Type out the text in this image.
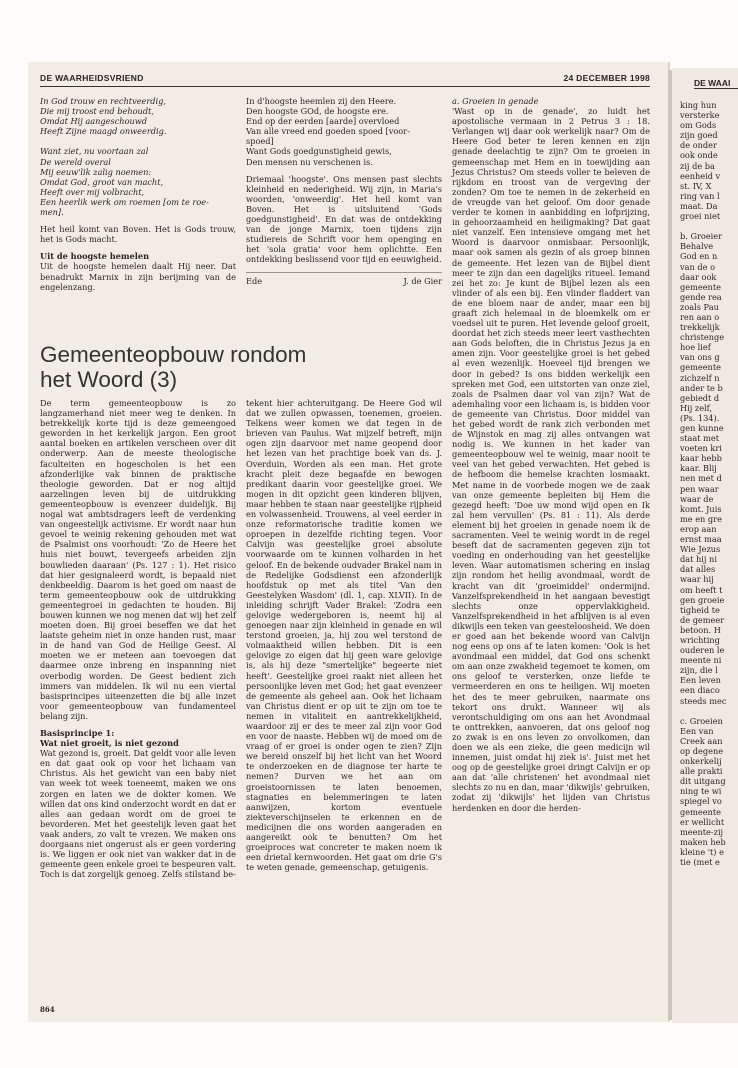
DE WAARHEIDSVRIEND	24 DECEMBER 1998
In God trouw en rechtveerdig,
Die mij troost end behoudt,
Omdat Hij aangeschouwd
Heeft Zijne maagd onweerdig.

Want ziet, nu voortaan zal
De wereld overal
Mij eeuw'lik zalig noemen:
Omdat God, groot van macht,
Heeft over mij volbracht,
Een heerlik werk om roemen [om te roe-
men].

Het heil komt van Boven. Het is Gods trouw, het is Gods macht.

Uit de hoogste hemelen

Uit de hoogste hemelen daalt Hij neer. Dat benadrukt Marnix in zijn berijming van de engelenzang.

In d'hoogste heemlen zij den Heere.
Den hoogste GOd, de hoogste ere.
End op der eerden [aarde] overvloed
Van alle vreed end goeden spoed [voor-
spoed]
Want Gods goedgunstigheid gewis,
Den mensen nu verschenen is.

Driemaal 'hoogste'. Ons mensen past slechts kleinheid en nederigheid. Wij zijn, in Maria's woorden, 'onweerdig'. Het heil komt van Boven. Het is uitsluitend 'Gods goedgunstigheid'. En dat was de ontdekking van de jonge Marnix, toen tijdens zijn studiereis de Schrift voor hem openging en het 'sola gratia' voor hem oplichtte. Een ontdekking beslissend voor tijd en eeuwigheid.

Ede	J. de Gier
Gemeenteopbouw rondom het Woord (3)

De term gemeenteopbouw is zo langzamerhand niet meer weg te denken. In betrekkelijk korte tijd is deze gemeengoed geworden in het kerkelijk jargon. Een groot aantal boeken en artikelen verscheen over dit onderwerp. Aan de meeste theologische faculteiten en hogescholen is het een afzonderlijke vak binnen de praktische theologie geworden. Dat er nog altijd aarzelingen leven bij de uitdrukking gemeenteopbouw is evenzeer duidelijk. Bij nogal wat ambtsdragers leeft de verdenking van ongeestelijk activisme. Er wordt naar hun gevoel te weinig rekening gehouden met wat de Psalmist ons voorhoudt: 'Zo de Heere het huis niet bouwt, tevergeefs arbeiden zijn bouwlieden daaraan' (Ps. 127 : 1). Het risico dat hier gesignaleerd wordt, is bepaald niet denkbeeldig. Daarom is het goed om naast de term gemeenteopbouw ook de uitdrukking gemeentegroei in gedachten te houden. Bij bouwen kunnen we nog menen dat wij het zelf moeten doen. Bij groei beseffen we dat het laatste geheim niet in onze handen rust, maar in de hand van God de Heilige Geest. Al moeten we er meteen aan toevoegen dat daarmee onze inbreng en inspanning niet overbodig worden. De Geest bedient zich immers van middelen. Ik wil nu een viertal basisprincipes uiteenzetten die bij alle inzet voor gemeenteopbouw van fundamenteel belang zijn.

Basisprincipe 1:
Wat niet groeit, is niet gezond

Wat gezond is, groeit. Dat geldt voor alle leven en dat gaat ook op voor het lichaam van Christus. Als het gewicht van een baby niet van week tot week toeneemt, maken we ons zorgen en laten we de dokter komen. We willen dat ons kind onderzocht wordt en dat er alles aan gedaan wordt om de groei te bevorderen. Met het geestelijk leven gaat het vaak anders, zo valt te vrezen. We maken ons doorgaans niet ongerust als er geen vordering is. We liggen er ook niet van wakker dat in de gemeente geen enkele groei te bespeuren valt. Toch is dat zorgelijk genoeg. Zelfs stilstand be-

tekent hier achteruitgang. De Heere God wil dat we zullen opwassen, toenemen, groeien. Telkens weer komen we dat tegen in de brieven van Paulus. Wat mijzelf betreft, mijn ogen zijn daarvoor met name geopend door het lezen van het prachtige boek van ds. J. Overduin, Worden als een man. Het grote kracht pleit deze begaafde en bewogen predikant daarin voor geestelijke groei. We mogen in dit opzicht geen kinderen blijven, maar hebben te staan naar geestelijke rijpheid en volwassenheid. Trouwens, al veel eerder in onze reformatorische traditie komen we oproepen in dezelfde richting tegen. Voor Calvijn was geestelijke groei absolute voorwaarde om te kunnen volharden in het geloof. En de bekende oudvader Brakel nam in de Redelijke Godsdienst een afzonderlijk hoofdstuk op met als titel 'Van den Geestelyken Wasdom' (dl. 1, cap. XLVII). In de inleiding schrijft Vader Brakel: 'Zodra een gelovige wedergeboren is, neemt hij al genoegen naar zijn kleinheid in genade en wil terstond groeien, ja, hij zou wel terstond de volmaaktheid willen hebben. Dit is een gelovige zo eigen dat hij geen ware gelovige is, als hij deze "smertelijke" begeerte niet heeft'. Geestelijke groei raakt niet alleen het persoonlijke leven met God; het gaat evenzeer de gemeente als geheel aan. Ook het lichaam van Christus dient er op uit te zijn om toe te nemen in vitaliteit en aantrekkelijkheid, waardoor zij er des te meer zal zijn voor God en voor de naaste. Hebben wij de moed om de vraag of er groei is onder ogen te zien? Zijn we bereid onszelf bij het licht van het Woord te onderzoeken en de diagnose ter harte te nemen? Durven we het aan om groeistoornissen te laten benoemen, stagnaties en belemmeringen te laten aanwijzen, kortom eventuele ziekteverschijnselen te erkennen en de medicijnen die ons worden aangeraden en aangereikt ook te benutten? Om het groeiproces wat concreter te maken noem ik een drietal kernwoorden. Het gaat om drie G's te weten genade, gemeenschap, getuigenis.

a. Groeien in genade

'Wast op in de genade', zo luidt het apostolische vermaan in 2 Petrus 3 : 18. Verlangen wij daar ook werkelijk naar? Om de Heere God beter te leren kennen en zijn genade deelachtig te zijn? Om te groeien in gemeenschap met Hem en in toewijding aan Jezus Christus? Om steeds voller te beleven de rijkdom en troost van de vergeving der zonden? Om toe te nemen in de zekerheid en de vreugde van het geloof. Om door genade verder te komen in aanbidding en lofprijzing, in gehoorzaamheid en heiligmaking? Dat gaat niet vanzelf. Een intensieve omgang met het Woord is daarvoor onmisbaar. Persoonlijk, maar ook samen als gezin of als groep binnen de gemeente. Het lezen van de Bijbel dient meer te zijn dan een dagelijks ritueel. Iemand zei het zo: Je kunt de Bijbel lezen als een vlinder of als een bij. Een vlinder fladdert van de ene bloem naar de ander, maar een bij graaft zich helemaal in de bloemkelk om er voedsel uit te puren. Het levende geloof groeit, doordat het zich steeds meer leert vasthechten aan Gods beloften, die in Christus Jezus ja en amen zijn. Voor geestelijke groei is het gebed al even wezenlijk. Hoeveel tijd brengen we door in gebed? Is ons bidden werkelijk een spreken met God, een uitstorten van onze ziel, zoals de Psalmen daar vol van zijn? Wat de ademhaling voor een lichaam is, is bidden voor de gemeente van Christus. Door middel van het gebed wordt de rank zich verbonden met de Wijnstok en mag zij alles ontvangen wat nodig is. We kunnen in het kader van gemeenteopbouw wel te weinig, maar nooit te veel van het gebed verwachten. Het gebed is de hefboom die hemelse krachten losmaakt. Met name in de voorbede mogen we de zaak van onze gemeente bepleiten bij Hem die gezegd heeft: 'Doe uw mond wijd open en Ik zal hem vervullen' (Ps. 81 : 11). Als derde element bij het groeien in genade noem ik de sacramenten. Veel te weinig wordt in de regel beseft dat de sacramenten gegeven zijn tot voeding en onderhouding van het geestelijke leven. Waar automatismen schering en inslag zijn rondom het heilig avondmaal, wordt de kracht van dit 'groeimiddel' ondermijnd. Vanzelfsprekendheid in het aangaan bevestigt slechts onze oppervlakkigheid. Vanzelfsprekendheid in het afblijven is al even dikwijls een teken van geesteloosheid. We doen er goed aan het bekende woord van Calvijn nog eens op ons af te laten komen: 'Ook is het avondmaal een middel, dat God ons schenkt om aan onze zwakheid tegemoet te komen, om ons geloof te versterken, onze liefde te vermeerderen en ons te heiligen. Wij moeten het des te meer gebruiken, naarmate ons tekort ons drukt. Wanneer wij als verontschuldiging om ons aan het Avondmaal te onttrekken, aanvoeren, dat ons geloof nog zo zwak is en ons leven zo onvolkomen, dan doen we als een zieke, die geen medicijn wil innemen, juist omdat hij ziek is'. Juist met het oog op de geestelijke groei dringt Calvijn er op aan dat 'alle christenen' het avondmaal niet slechts zo nu en dan, maar 'dikwijls' gebruiken, zodat zij 'dikwijls' het lijden van Christus herdenken en door die herden-

864
DE WAAI
king hun
versterke
om Gods
zijn goed
de onder
ook onde
zij de ba
eenheid v
st. IV, X
ring van l
maat. Da
groei niet

b. Groeier
Behalve
God en n
van de o
daar ook
gemeente
gende rea
zoals Pau
ren aan o
trekkelijk
christenge
hoe lief
van ons g
gemeente
zichzelf n
ander te b
gebiedt d
Hij zelf,
(Ps. 134).
gen kunne
staat met
voeten kri
kaar hebb
kaar. Blij
nen met d
pen waar
waar de
komt. Juis
me en gre
erop aan
ernst maa
Wie Jezus
dat hij ni
dat alles
waar hij
om heeft t
gen groeie
tigheid te
de gemeer
betoon. H
wrichting
ouderen le
meente ni
zijn, die l
Een leven
een diaco
steeds mec

c. Groeien
Een van
Creek aan
op degene
onkerkelij
alle prakti
dit uitgang
ning te wi
spiegel vo
gemeente
er wellicht
meente-zij
maken heb
kleine 't) e
tie (met e
